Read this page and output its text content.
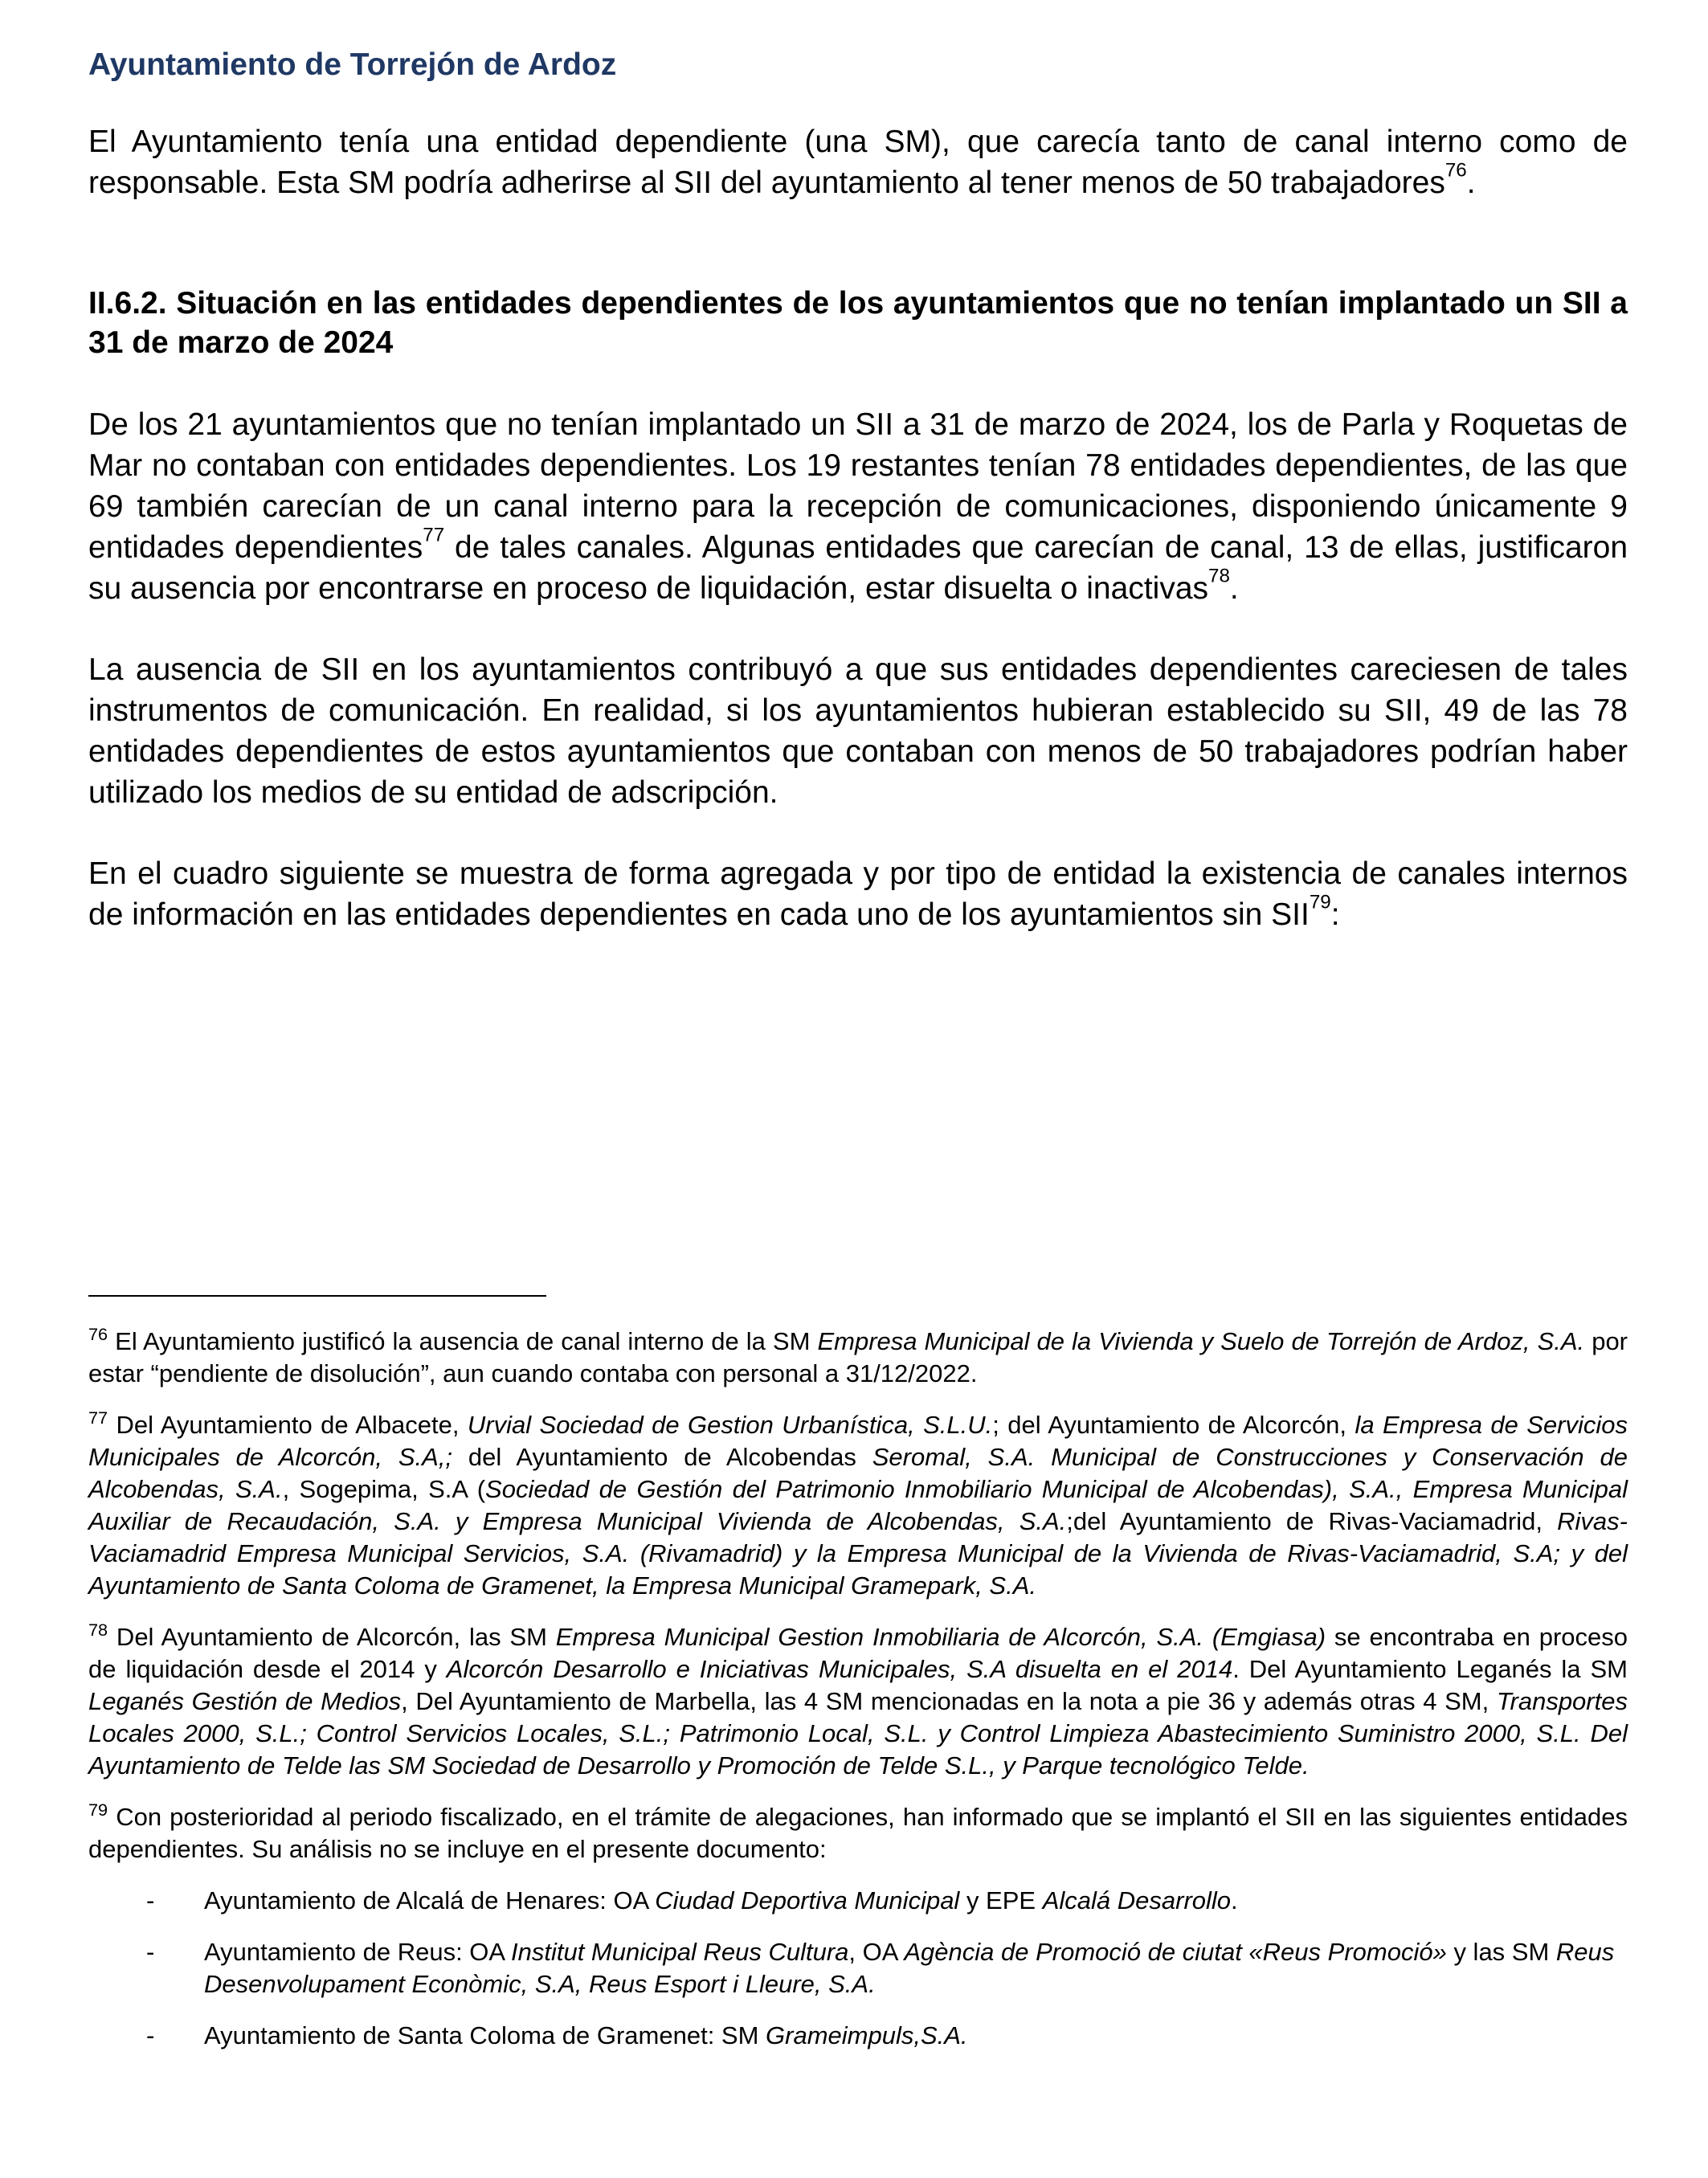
Ayuntamiento de Torrejón de Ardoz

El Ayuntamiento tenía una entidad dependiente (una SM), que carecía tanto de canal interno como de responsable. Esta SM podría adherirse al SII del ayuntamiento al tener menos de 50 trabajadores$^{76}$.

II.6.2. Situación en las entidades dependientes de los ayuntamientos que no tenían implantado un SII a 31 de marzo de 2024

De los 21 ayuntamientos que no tenían implantado un SII a 31 de marzo de 2024, los de Parla y Roquetas de Mar no contaban con entidades dependientes. Los 19 restantes tenían 78 entidades dependientes, de las que 69 también carecían de un canal interno para la recepción de comunicaciones, disponiendo únicamente 9 entidades dependientes$^{77}$ de tales canales. Algunas entidades que carecían de canal, 13 de ellas, justificaron su ausencia por encontrarse en proceso de liquidación, estar disuelta o inactivas$^{78}$.

La ausencia de SII en los ayuntamientos contribuyó a que sus entidades dependientes careciesen de tales instrumentos de comunicación. En realidad, si los ayuntamientos hubieran establecido su SII, 49 de las 78 entidades dependientes de estos ayuntamientos que contaban con menos de 50 trabajadores podrían haber utilizado los medios de su entidad de adscripción.

En el cuadro siguiente se muestra de forma agregada y por tipo de entidad la existencia de canales internos de información en las entidades dependientes en cada uno de los ayuntamientos sin SII$^{79}$:

$^{76}$ El Ayuntamiento justificó la ausencia de canal interno de la SM Empresa Municipal de la Vivienda y Suelo de Torrejón de Ardoz, S.A. por estar “pendiente de disolución”, aun cuando contaba con personal a 31/12/2022.

$^{77}$ Del Ayuntamiento de Albacete, Urvial Sociedad de Gestion Urbanística, S.L.U.; del Ayuntamiento de Alcorcón, la Empresa de Servicios Municipales de Alcorcón, S.A,; del Ayuntamiento de Alcobendas Seromal, S.A. Municipal de Construcciones y Conservación de Alcobendas, S.A., Sogepima, S.A (Sociedad de Gestión del Patrimonio Inmobiliario Municipal de Alcobendas), S.A., Empresa Municipal Auxiliar de Recaudación, S.A. y Empresa Municipal Vivienda de Alcobendas, S.A.;del Ayuntamiento de Rivas-Vaciamadrid, Rivas-Vaciamadrid Empresa Municipal Servicios, S.A. (Rivamadrid) y la Empresa Municipal de la Vivienda de Rivas-Vaciamadrid, S.A; y del Ayuntamiento de Santa Coloma de Gramenet, la Empresa Municipal Gramepark, S.A.

$^{78}$ Del Ayuntamiento de Alcorcón, las SM Empresa Municipal Gestion Inmobiliaria de Alcorcón, S.A. (Emgiasa) se encontraba en proceso de liquidación desde el 2014 y Alcorcón Desarrollo e Iniciativas Municipales, S.A disuelta en el 2014. Del Ayuntamiento Leganés la SM Leganés Gestión de Medios, Del Ayuntamiento de Marbella, las 4 SM mencionadas en la nota a pie 36 y además otras 4 SM, Transportes Locales 2000, S.L.; Control Servicios Locales, S.L.; Patrimonio Local, S.L. y Control Limpieza Abastecimiento Suministro 2000, S.L. Del Ayuntamiento de Telde las SM Sociedad de Desarrollo y Promoción de Telde S.L., y Parque tecnológico Telde.

$^{79}$ Con posterioridad al periodo fiscalizado, en el trámite de alegaciones, han informado que se implantó el SII en las siguientes entidades dependientes. Su análisis no se incluye en el presente documento:

- Ayuntamiento de Alcalá de Henares: OA Ciudad Deportiva Municipal y EPE Alcalá Desarrollo.
- Ayuntamiento de Reus: OA Institut Municipal Reus Cultura, OA Agència de Promoció de ciutat «Reus Promoció» y las SM Reus Desenvolupament Econòmic, S.A, Reus Esport i Lleure, S.A.
- Ayuntamiento de Santa Coloma de Gramenet: SM Grameimpuls,S.A.
